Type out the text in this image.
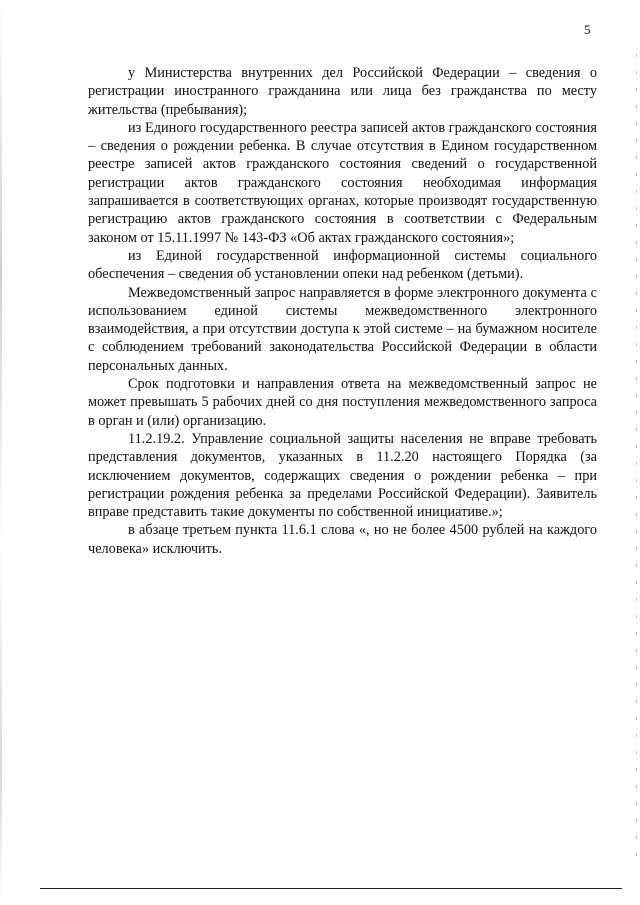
5

у Министерства внутренних дел Российской Федерации – сведения о регистрации иностранного гражданина или лица без гражданства по месту жительства (пребывания);

из Единого государственного реестра записей актов гражданского состояния – сведения о рождении ребенка. В случае отсутствия в Едином государственном реестре записей актов гражданского состояния сведений о государственной регистрации актов гражданского состояния необходимая информация запрашивается в соответствующих органах, которые производят государственную регистрацию актов гражданского состояния в соответствии с Федеральным законом от 15.11.1997 № 143-ФЗ «Об актах гражданского состояния»;

из Единой государственной информационной системы социального обеспечения – сведения об установлении опеки над ребенком (детьми).

Межведомственный запрос направляется в форме электронного документа с использованием единой системы межведомственного электронного взаимодействия, а при отсутствии доступа к этой системе – на бумажном носителе с соблюдением требований законодательства Российской Федерации в области персональных данных.

Срок подготовки и направления ответа на межведомственный запрос не может превышать 5 рабочих дней со дня поступления межведомственного запроса в орган и (или) организацию.

11.2.19.2. Управление социальной защиты населения не вправе требовать представления документов, указанных в 11.2.20 настоящего Порядка (за исключением документов, содержащих сведения о рождении ребенка – при регистрации рождения ребенка за пределами Российской Федерации). Заявитель вправе представить такие документы по собственной инициативе.»;

в абзаце третьем пункта 11.6.1 слова «, но не более 4500 рублей на каждого человека» исключить.
